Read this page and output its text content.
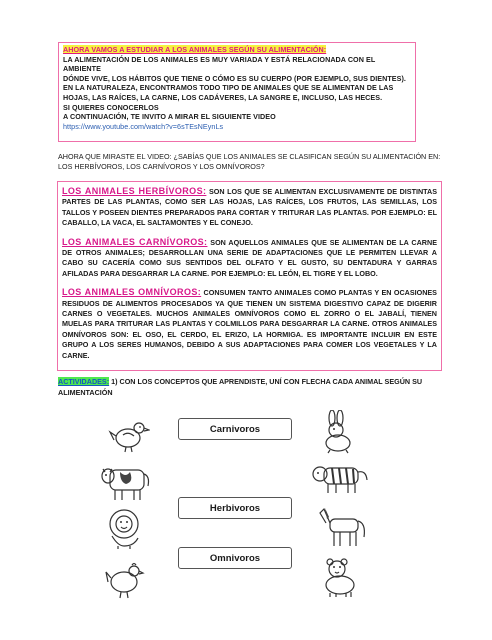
AHORA VAMOS A ESTUDIAR A LOS ANIMALES SEGÚN SU ALIMENTACIÓN:
LA ALIMENTACIÓN DE LOS ANIMALES ES MUY VARIADA Y ESTÁ RELACIONADA CON EL AMBIENTE
DÓNDE VIVE, LOS HÁBITOS QUE TIENE O CÓMO ES SU CUERPO (POR EJEMPLO, SUS DIENTES).
EN LA NATURALEZA, ENCONTRAMOS TODO TIPO DE ANIMALES QUE SE ALIMENTAN DE LAS HOJAS, LAS RAÍCES, LA CARNE, LOS CADÁVERES, LA SANGRE E, INCLUSO, LAS HECES.
SI QUIERES CONOCERLOS
A CONTINUACIÓN, TE INVITO A MIRAR EL SIGUIENTE VIDEO
https://www.youtube.com/watch?v=6sTEsNEynLs
AHORA QUE MIRASTE EL VIDEO: ¿SABÍAS QUE LOS ANIMALES SE CLASIFICAN SEGÚN SU ALIMENTACIÓN EN: LOS HERBÍVOROS, LOS CARNÍVOROS Y LOS OMNÍVOROS?

LOS ANIMALES HERBÍVOROS: SON LOS QUE SE ALIMENTAN EXCLUSIVAMENTE DE DISTINTAS PARTES DE LAS PLANTAS, COMO SER LAS HOJAS, LAS RAÍCES, LOS FRUTOS, LAS SEMILLAS, LOS TALLOS Y POSEEN DIENTES PREPARADOS PARA CORTAR Y TRITURAR LAS PLANTAS. POR EJEMPLO: EL CABALLO, LA VACA, EL SALTAMONTES Y EL CONEJO.

LOS ANIMALES CARNÍVOROS: SON AQUELLOS ANIMALES QUE SE ALIMENTAN DE LA CARNE DE OTROS ANIMALES; DESARROLLAN UNA SERIE DE ADAPTACIONES QUE LE PERMITEN LLEVAR A CABO SU CACERÍA COMO SUS SENTIDOS DEL OLFATO Y EL GUSTO, SU DENTADURA Y GARRAS AFILADAS PARA DESGARRAR LA CARNE. POR EJEMPLO: EL LEÓN, EL TIGRE Y EL LOBO.

LOS ANIMALES OMNÍVOROS: CONSUMEN TANTO ANIMALES COMO PLANTAS Y EN OCASIONES RESIDUOS DE ALIMENTOS PROCESADOS YA QUE TIENEN UN SISTEMA DIGESTIVO CAPAZ DE DIGERIR CARNES O VEGETALES. MUCHOS ANIMALES OMNÍVOROS COMO EL ZORRO O EL JABALÍ, TIENEN MUELAS PARA TRITURAR LAS PLANTAS Y COLMILLOS PARA DESGARRAR LA CARNE. OTROS ANIMALES OMNÍVOROS SON: EL OSO, EL CERDO, EL ERIZO, LA HORMIGA. ES IMPORTANTE INCLUIR EN ESTE GRUPO A LOS SERES HUMANOS, DEBIDO A SUS ADAPTACIONES PARA COMER LOS VEGETALES Y LA CARNE.

ACTIVIDADES: 1) CON LOS CONCEPTOS QUE APRENDISTE, UNÍ CON FLECHA CADA ANIMAL SEGÚN SU ALIMENTACIÓN
Carnivoros
Herbivoros
Omnivoros
